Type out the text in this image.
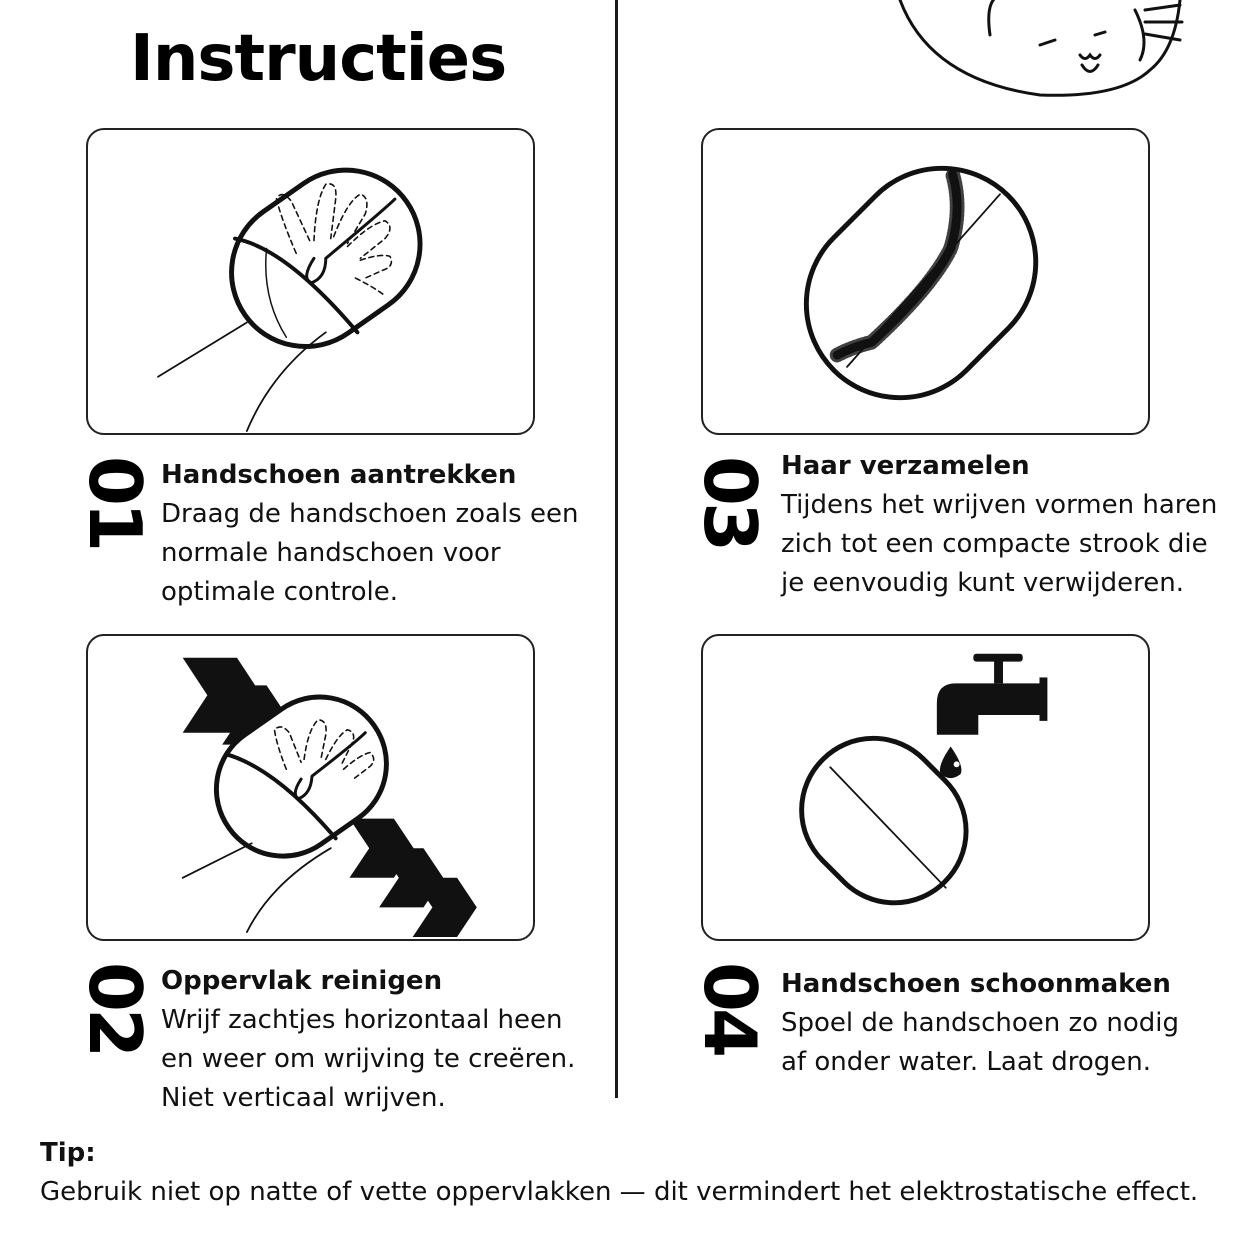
Instructies
01 Handschoen aantrekken
Draag de handschoen zoals een
normale handschoen voor
optimale controle.
02 Oppervlak reinigen
Wrijf zachtjes horizontaal heen
en weer om wrijving te creëren.
Niet verticaal wrijven.
03 Haar verzamelen
Tijdens het wrijven vormen haren
zich tot een compacte strook die
je eenvoudig kunt verwijderen.
04 Handschoen schoonmaken
Spoel de handschoen zo nodig
af onder water. Laat drogen.
Tip:
Gebruik niet op natte of vette oppervlakken — dit vermindert het elektrostatische effect.
